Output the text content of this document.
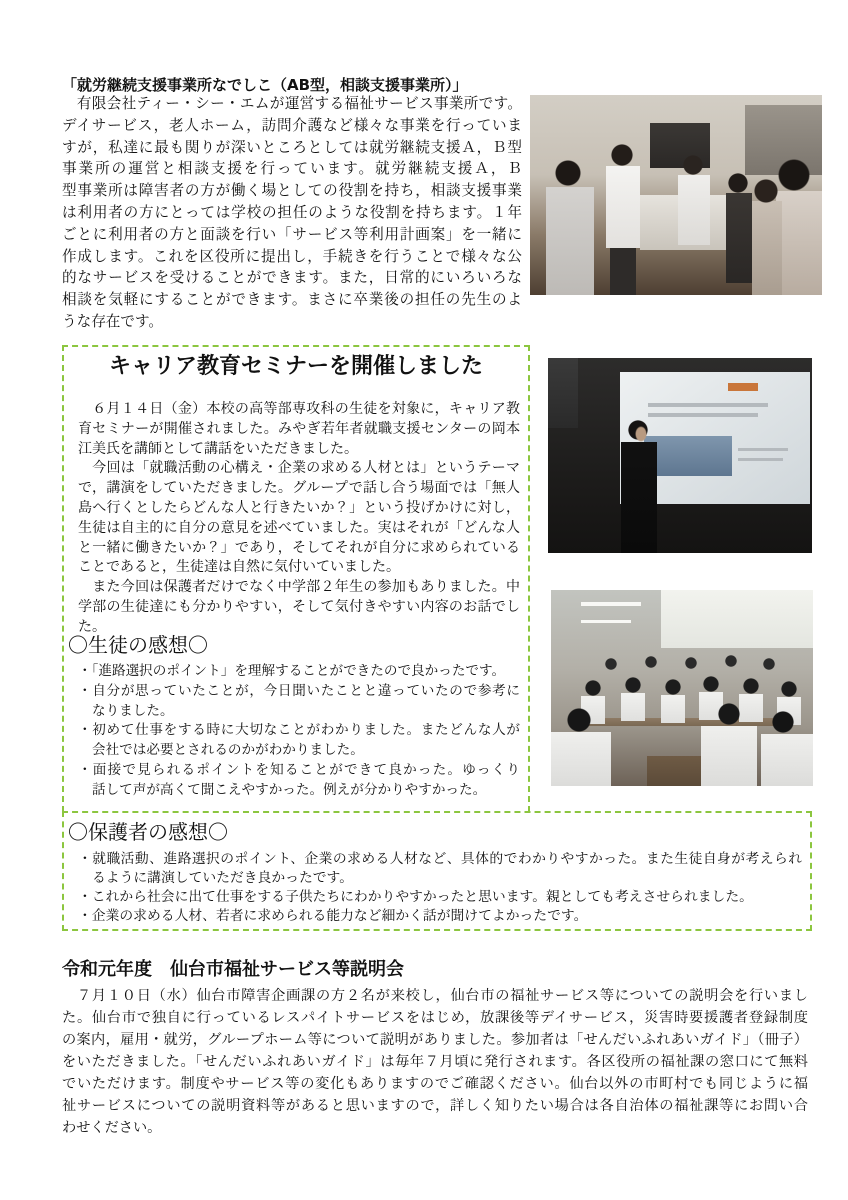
「就労継続支援事業所なでしこ（AB型，相談支援事業所）」
　有限会社ティー・シー・エムが運営する福祉サービス事業所です。
デイサービス，老人ホーム，訪問介護など様々な事業を行っていま
すが，私達に最も関りが深いところとしては就労継続支援Ａ，Ｂ型
事業所の運営と相談支援を行っています。就労継続支援Ａ，Ｂ
型事業所は障害者の方が働く場としての役割を持ち，相談支援事業
は利用者の方にとっては学校の担任のような役割を持ちます。１年
ごとに利用者の方と面談を行い「サービス等利用計画案」を一緒に
作成します。これを区役所に提出し，手続きを行うことで様々な公
的なサービスを受けることができます。また，日常的にいろいろな
相談を気軽にすることができます。まさに卒業後の担任の先生のよ
うな存在です。
キャリア教育セミナーを開催しました
　６月１４日（金）本校の高等部専攻科の生徒を対象に，キャリア教
育セミナーが開催されました。みやぎ若年者就職支援センターの岡本
江美氏を講師として講話をいただきました。
　今回は「就職活動の心構え・企業の求める人材とは」というテーマ
で，講演をしていただきました。グループで話し合う場面では「無人
島へ行くとしたらどんな人と行きたいか？」という投げかけに対し，
生徒は自主的に自分の意見を述べていました。実はそれが「どんな人
と一緒に働きたいか？」であり，そしてそれが自分に求められている
ことであると，生徒達は自然に気付いていました。
　また今回は保護者だけでなく中学部２年生の参加もありました。中
学部の生徒達にも分かりやすい，そして気付きやすい内容のお話でし
た。
〇生徒の感想〇
・「進路選択のポイント」を理解することができたので良かったです。
・自分が思っていたことが，今日聞いたことと違っていたので参考に
なりました。
・初めて仕事をする時に大切なことがわかりました。またどんな人が
会社では必要とされるのかがわかりました。
・面接で見られるポイントを知ることができて良かった。ゆっくり
話して声が高くて聞こえやすかった。例えが分かりやすかった。
〇保護者の感想〇
・就職活動、進路選択のポイント、企業の求める人材など、具体的でわかりやすかった。また生徒自身が考えられ
るように講演していただき良かったです。
・これから社会に出て仕事をする子供たちにわかりやすかったと思います。親としても考えさせられました。
・企業の求める人材、若者に求められる能力など細かく話が聞けてよかったです。
令和元年度　仙台市福祉サービス等説明会
　７月１０日（水）仙台市障害企画課の方２名が来校し，仙台市の福祉サービス等についての説明会を行いまし
た。仙台市で独自に行っているレスパイトサービスをはじめ，放課後等デイサービス，災害時要援護者登録制度
の案内，雇用・就労，グループホーム等について説明がありました。参加者は「せんだいふれあいガイド」（冊子）
をいただきました。「せんだいふれあいガイド」は毎年７月頃に発行されます。各区役所の福祉課の窓口にて無料
でいただけます。制度やサービス等の変化もありますのでご確認ください。仙台以外の市町村でも同じように福
祉サービスについての説明資料等があると思いますので，詳しく知りたい場合は各自治体の福祉課等にお問い合
わせください。
